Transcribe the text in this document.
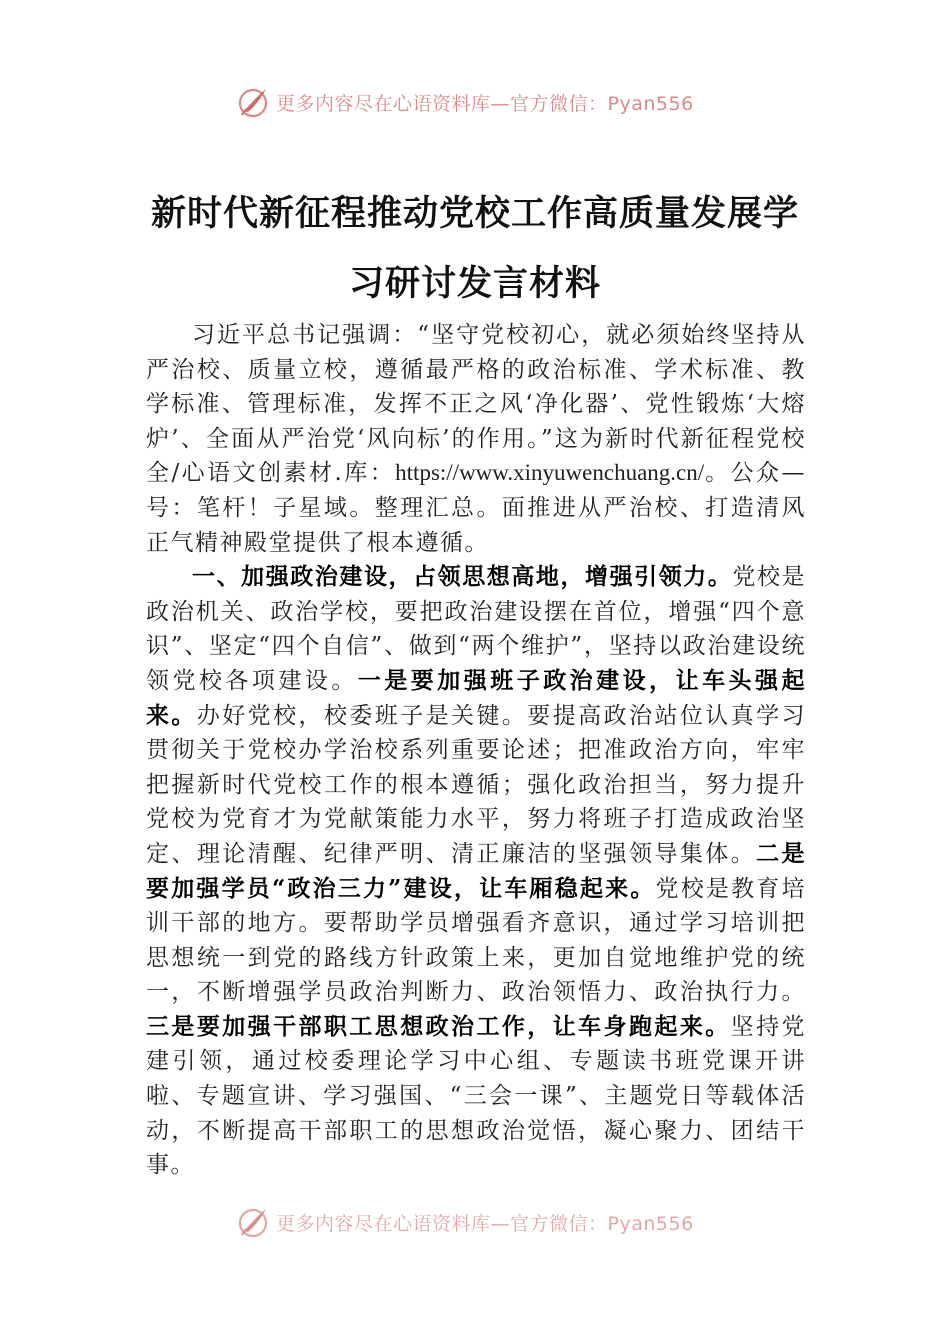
更多内容尽在心语资料库—官方微信：Pyan556
新时代新征程推动党校工作高质量发展学
习研讨发言材料

习近平总书记强调：“坚守党校初心，就必须始终坚持从严治校、质量立校，遵循最严格的政治标准、学术标准、教学标准、管理标准，发挥不正之风‘净化器’、党性锻炼‘大熔炉’、全面从严治党‘风向标’的作用。”这为新时代新征程党校全/心语文创素材.库：https://www.xinyuwenchuang.cn/。公众—号：笔杆！子星域。整理汇总。面推进从严治校、打造清风正气精神殿堂提供了根本遵循。

一、加强政治建设，占领思想高地，增强引领力。党校是政治机关、政治学校，要把政治建设摆在首位，增强“四个意识”、坚定“四个自信”、做到“两个维护”，坚持以政治建设统领党校各项建设。一是要加强班子政治建设，让车头强起来。办好党校，校委班子是关键。要提高政治站位认真学习贯彻关于党校办学治校系列重要论述；把准政治方向，牢牢把握新时代党校工作的根本遵循；强化政治担当，努力提升党校为党育才为党献策能力水平，努力将班子打造成政治坚定、理论清醒、纪律严明、清正廉洁的坚强领导集体。二是要加强学员“政治三力”建设，让车厢稳起来。党校是教育培训干部的地方。要帮助学员增强看齐意识，通过学习培训把思想统一到党的路线方针政策上来，更加自觉地维护党的统一，不断增强学员政治判断力、政治领悟力、政治执行力。三是要加强干部职工思想政治工作，让车身跑起来。坚持党建引领，通过校委理论学习中心组、专题读书班党课开讲啦、专题宣讲、学习强国、“三会一课”、主题党日等载体活动，不断提高干部职工的思想政治觉悟，凝心聚力、团结干事。

更多内容尽在心语资料库—官方微信：Pyan556
